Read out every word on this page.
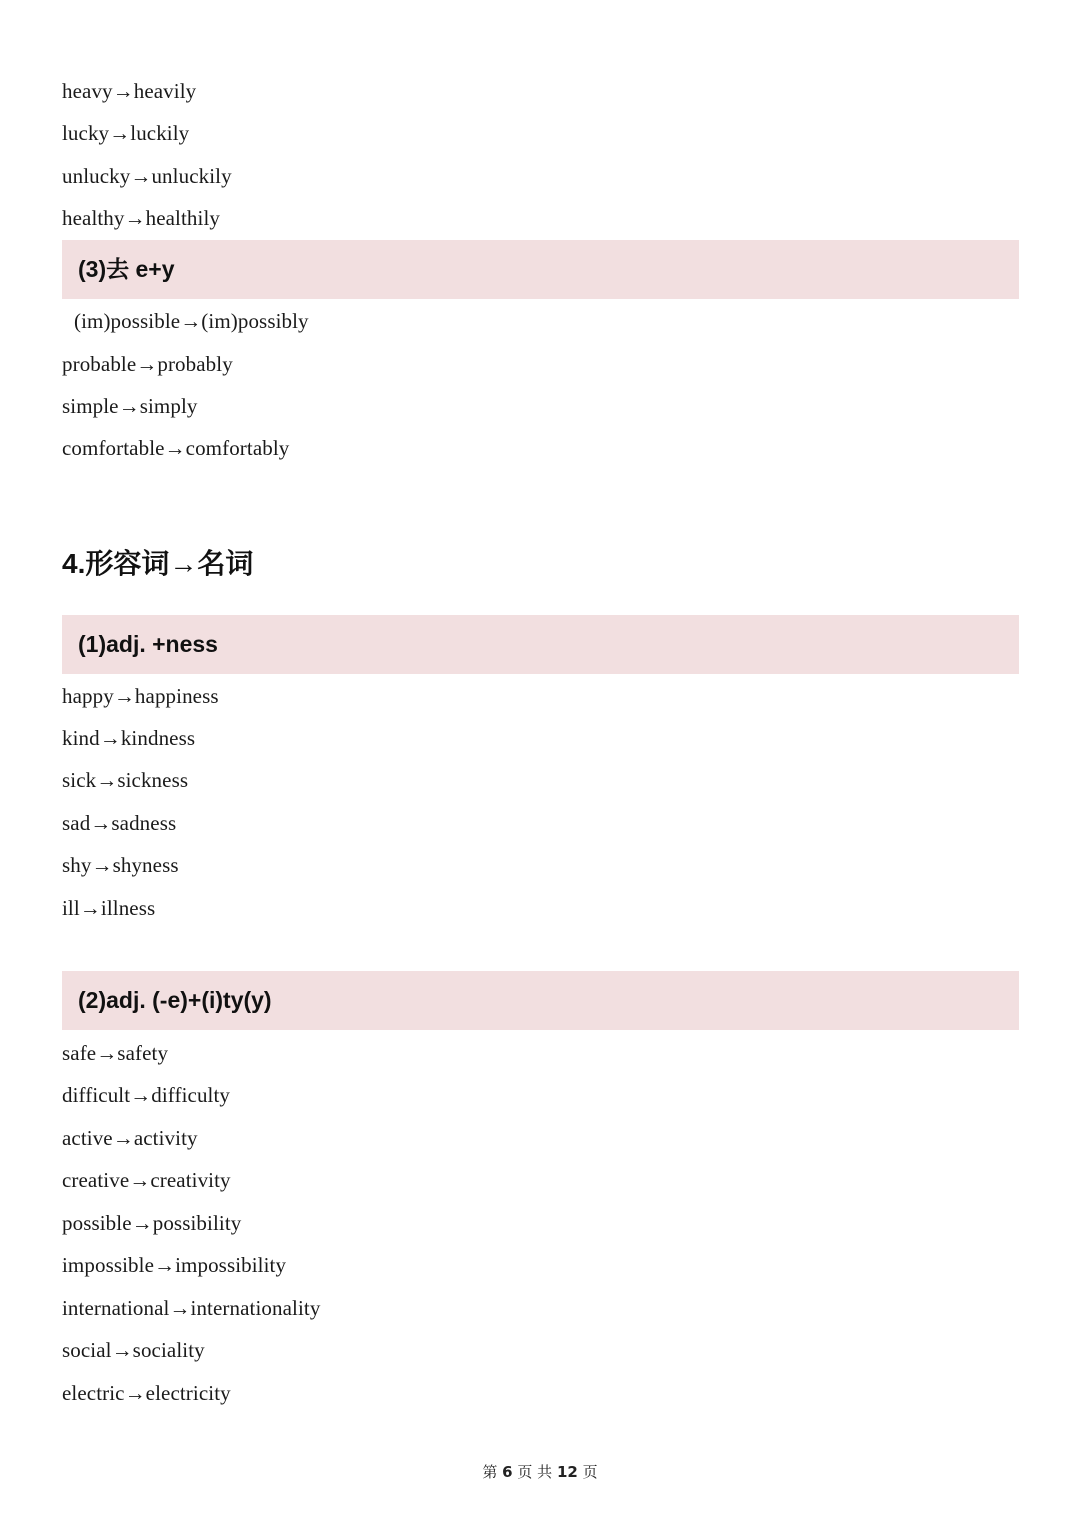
heavy→heavily
lucky→luckily
unlucky→unluckily
healthy→healthily
(3)去 e+y
(im)possible→(im)possibly
probable→probably
simple→simply
comfortable→comfortably
4.形容词→名词
(1)adj. +ness
happy→happiness
kind→kindness
sick→sickness
sad→sadness
shy→shyness
ill→illness
(2)adj. (-e)+(i)ty(y)
safe→safety
difficult→difficulty
active→activity
creative→creativity
possible→possibility
impossible→impossibility
international→internationality
social→sociality
electric→electricity
第 6 页 共 12 页
